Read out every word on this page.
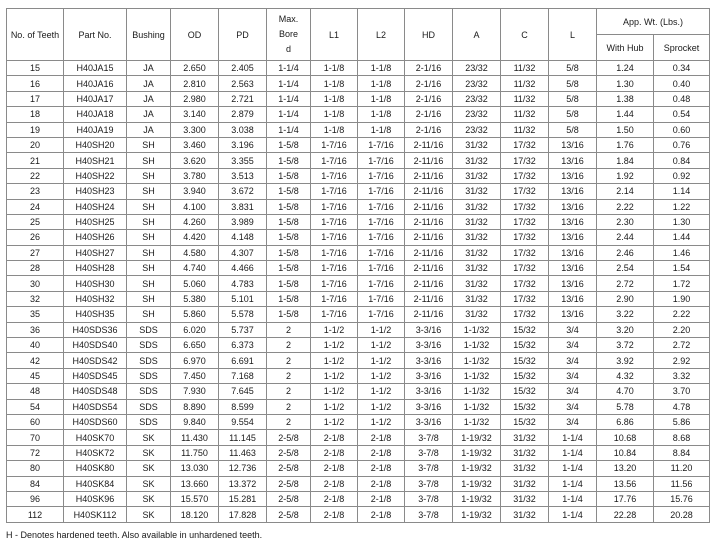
No. of Teeth	Part No.	Bushing	OD	PD	Max.
Bore
d	L1	L2	HD	A	C	L	App. Wt. (Lbs.)	
												With Hub	Sprocket
15	H40JA15	JA	2.650	2.405	1-1/4	1-1/8	1-1/8	2-1/16	23/32	11/32	5/8	1.24	0.34
16	H40JA16	JA	2.810	2.563	1-1/4	1-1/8	1-1/8	2-1/16	23/32	11/32	5/8	1.30	0.40
17	H40JA17	JA	2.980	2.721	1-1/4	1-1/8	1-1/8	2-1/16	23/32	11/32	5/8	1.38	0.48
18	H40JA18	JA	3.140	2.879	1-1/4	1-1/8	1-1/8	2-1/16	23/32	11/32	5/8	1.44	0.54
19	H40JA19	JA	3.300	3.038	1-1/4	1-1/8	1-1/8	2-1/16	23/32	11/32	5/8	1.50	0.60
20	H40SH20	SH	3.460	3.196	1-5/8	1-7/16	1-7/16	2-11/16	31/32	17/32	13/16	1.76	0.76
21	H40SH21	SH	3.620	3.355	1-5/8	1-7/16	1-7/16	2-11/16	31/32	17/32	13/16	1.84	0.84
22	H40SH22	SH	3.780	3.513	1-5/8	1-7/16	1-7/16	2-11/16	31/32	17/32	13/16	1.92	0.92
23	H40SH23	SH	3.940	3.672	1-5/8	1-7/16	1-7/16	2-11/16	31/32	17/32	13/16	2.14	1.14
24	H40SH24	SH	4.100	3.831	1-5/8	1-7/16	1-7/16	2-11/16	31/32	17/32	13/16	2.22	1.22
25	H40SH25	SH	4.260	3.989	1-5/8	1-7/16	1-7/16	2-11/16	31/32	17/32	13/16	2.30	1.30
26	H40SH26	SH	4.420	4.148	1-5/8	1-7/16	1-7/16	2-11/16	31/32	17/32	13/16	2.44	1.44
27	H40SH27	SH	4.580	4.307	1-5/8	1-7/16	1-7/16	2-11/16	31/32	17/32	13/16	2.46	1.46
28	H40SH28	SH	4.740	4.466	1-5/8	1-7/16	1-7/16	2-11/16	31/32	17/32	13/16	2.54	1.54
30	H40SH30	SH	5.060	4.783	1-5/8	1-7/16	1-7/16	2-11/16	31/32	17/32	13/16	2.72	1.72
32	H40SH32	SH	5.380	5.101	1-5/8	1-7/16	1-7/16	2-11/16	31/32	17/32	13/16	2.90	1.90
35	H40SH35	SH	5.860	5.578	1-5/8	1-7/16	1-7/16	2-11/16	31/32	17/32	13/16	3.22	2.22
36	H40SDS36	SDS	6.020	5.737	2	1-1/2	1-1/2	3-3/16	1-1/32	15/32	3/4	3.20	2.20
40	H40SDS40	SDS	6.650	6.373	2	1-1/2	1-1/2	3-3/16	1-1/32	15/32	3/4	3.72	2.72
42	H40SDS42	SDS	6.970	6.691	2	1-1/2	1-1/2	3-3/16	1-1/32	15/32	3/4	3.92	2.92
45	H40SDS45	SDS	7.450	7.168	2	1-1/2	1-1/2	3-3/16	1-1/32	15/32	3/4	4.32	3.32
48	H40SDS48	SDS	7.930	7.645	2	1-1/2	1-1/2	3-3/16	1-1/32	15/32	3/4	4.70	3.70
54	H40SDS54	SDS	8.890	8.599	2	1-1/2	1-1/2	3-3/16	1-1/32	15/32	3/4	5.78	4.78
60	H40SDS60	SDS	9.840	9.554	2	1-1/2	1-1/2	3-3/16	1-1/32	15/32	3/4	6.86	5.86
70	H40SK70	SK	11.430	11.145	2-5/8	2-1/8	2-1/8	3-7/8	1-19/32	31/32	1-1/4	10.68	8.68
72	H40SK72	SK	11.750	11.463	2-5/8	2-1/8	2-1/8	3-7/8	1-19/32	31/32	1-1/4	10.84	8.84
80	H40SK80	SK	13.030	12.736	2-5/8	2-1/8	2-1/8	3-7/8	1-19/32	31/32	1-1/4	13.20	11.20
84	H40SK84	SK	13.660	13.372	2-5/8	2-1/8	2-1/8	3-7/8	1-19/32	31/32	1-1/4	13.56	11.56
96	H40SK96	SK	15.570	15.281	2-5/8	2-1/8	2-1/8	3-7/8	1-19/32	31/32	1-1/4	17.76	15.76
112	H40SK112	SK	18.120	17.828	2-5/8	2-1/8	2-1/8	3-7/8	1-19/32	31/32	1-1/4	22.28	20.28
H - Denotes hardened teeth. Also available in unhardened teeth.
